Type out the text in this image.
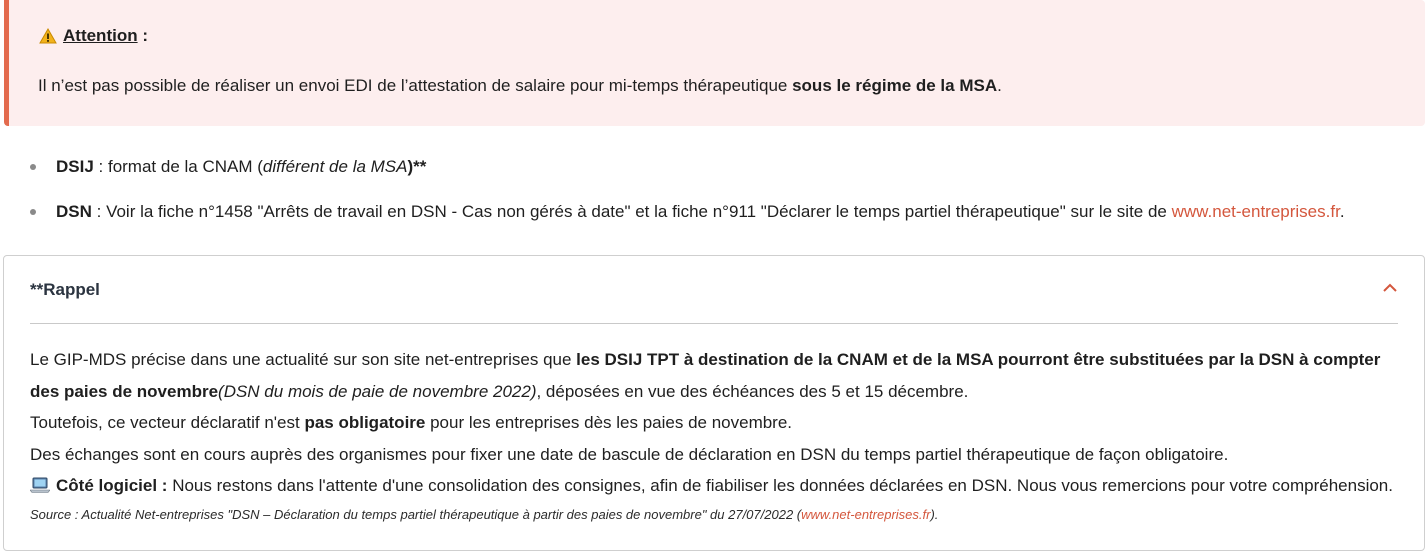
Attention :
Il n’est pas possible de réaliser un envoi EDI de l’attestation de salaire pour mi-temps thérapeutique sous le régime de la MSA.
DSIJ : format de la CNAM (différent de la MSA)**
DSN : Voir la fiche n°1458 "Arrêts de travail en DSN - Cas non gérés à date" et la fiche n°911 "Déclarer le temps partiel thérapeutique" sur le site de www.net-entreprises.fr.
**Rappel

Le GIP-MDS précise dans une actualité sur son site net-entreprises que les DSIJ TPT à destination de la CNAM et de la MSA pourront être substituées par la DSN à compter des paies de novembre(DSN du mois de paie de novembre 2022), déposées en vue des échéances des 5 et 15 décembre.

Toutefois, ce vecteur déclaratif n'est pas obligatoire pour les entreprises dès les paies de novembre.

Des échanges sont en cours auprès des organismes pour fixer une date de bascule de déclaration en DSN du temps partiel thérapeutique de façon obligatoire.

Côté logiciel : Nous restons dans l'attente d'une consolidation des consignes, afin de fiabiliser les données déclarées en DSN. Nous vous remercions pour votre compréhension.

Source : Actualité Net-entreprises "DSN – Déclaration du temps partiel thérapeutique à partir des paies de novembre" du 27/07/2022 (www.net-entreprises.fr).
